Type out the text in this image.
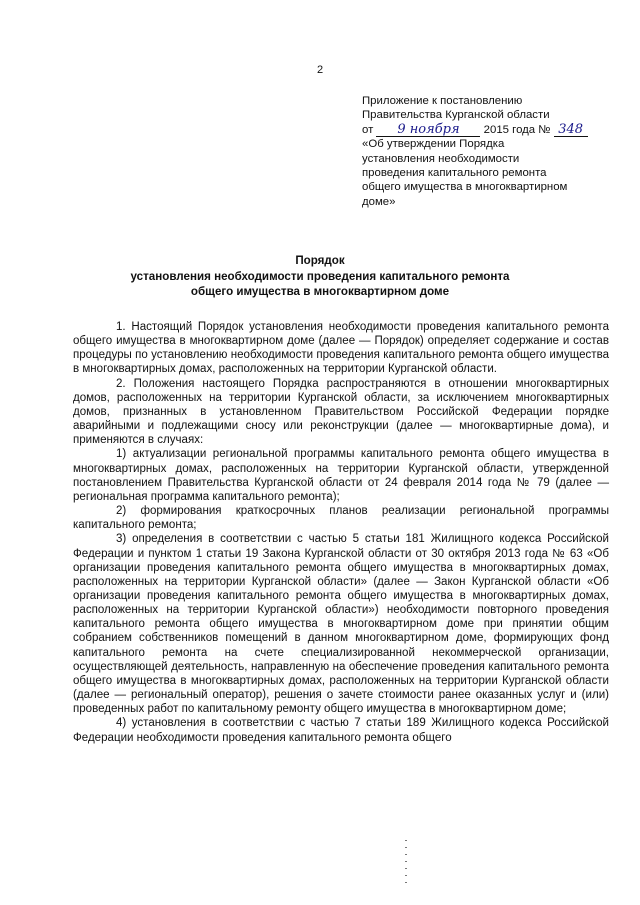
2
Приложение к постановлению
Правительства Курганской области
от 9 ноября 2015 года № 348
«Об утверждении Порядка
установления необходимости
проведения капитального ремонта
общего имущества в многоквартирном
доме»
Порядок
установления необходимости проведения капитального ремонта
общего имущества в многоквартирном доме

1. Настоящий Порядок установления необходимости проведения капитального ремонта общего имущества в многоквартирном доме (далее — Порядок) определяет содержание и состав процедуры по установлению необходимости проведения капитального ремонта общего имущества в многоквартирных домах, расположенных на территории Курганской области.

2. Положения настоящего Порядка распространяются в отношении многоквартирных домов, расположенных на территории Курганской области, за исключением многоквартирных домов, признанных в установленном Правительством Российской Федерации порядке аварийными и подлежащими сносу или реконструкции (далее — многоквартирные дома), и применяются в случаях:

1) актуализации региональной программы капитального ремонта общего имущества в многоквартирных домах, расположенных на территории Курганской области, утвержденной постановлением Правительства Курганской области от 24 февраля 2014 года № 79 (далее — региональная программа капитального ремонта);

2) формирования краткосрочных планов реализации региональной программы капитального ремонта;

3) определения в соответствии с частью 5 статьи 181 Жилищного кодекса Российской Федерации и пунктом 1 статьи 19 Закона Курганской области от 30 октября 2013 года № 63 «Об организации проведения капитального ремонта общего имущества в многоквартирных домах, расположенных на территории Курганской области» (далее — Закон Курганской области «Об организации проведения капитального ремонта общего имущества в многоквартирных домах, расположенных на территории Курганской области») необходимости повторного проведения капитального ремонта общего имущества в многоквартирном доме при принятии общим собранием собственников помещений в данном многоквартирном доме, формирующих фонд капитального ремонта на счете специализированной некоммерческой организации, осуществляющей деятельность, направленную на обеспечение проведения капитального ремонта общего имущества в многоквартирных домах, расположенных на территории Курганской области (далее — региональный оператор), решения о зачете стоимости ранее оказанных услуг и (или) проведенных работ по капитальному ремонту общего имущества в многоквартирном доме;

4) установления в соответствии с частью 7 статьи 189 Жилищного кодекса Российской Федерации необходимости проведения капитального ремонта общего
